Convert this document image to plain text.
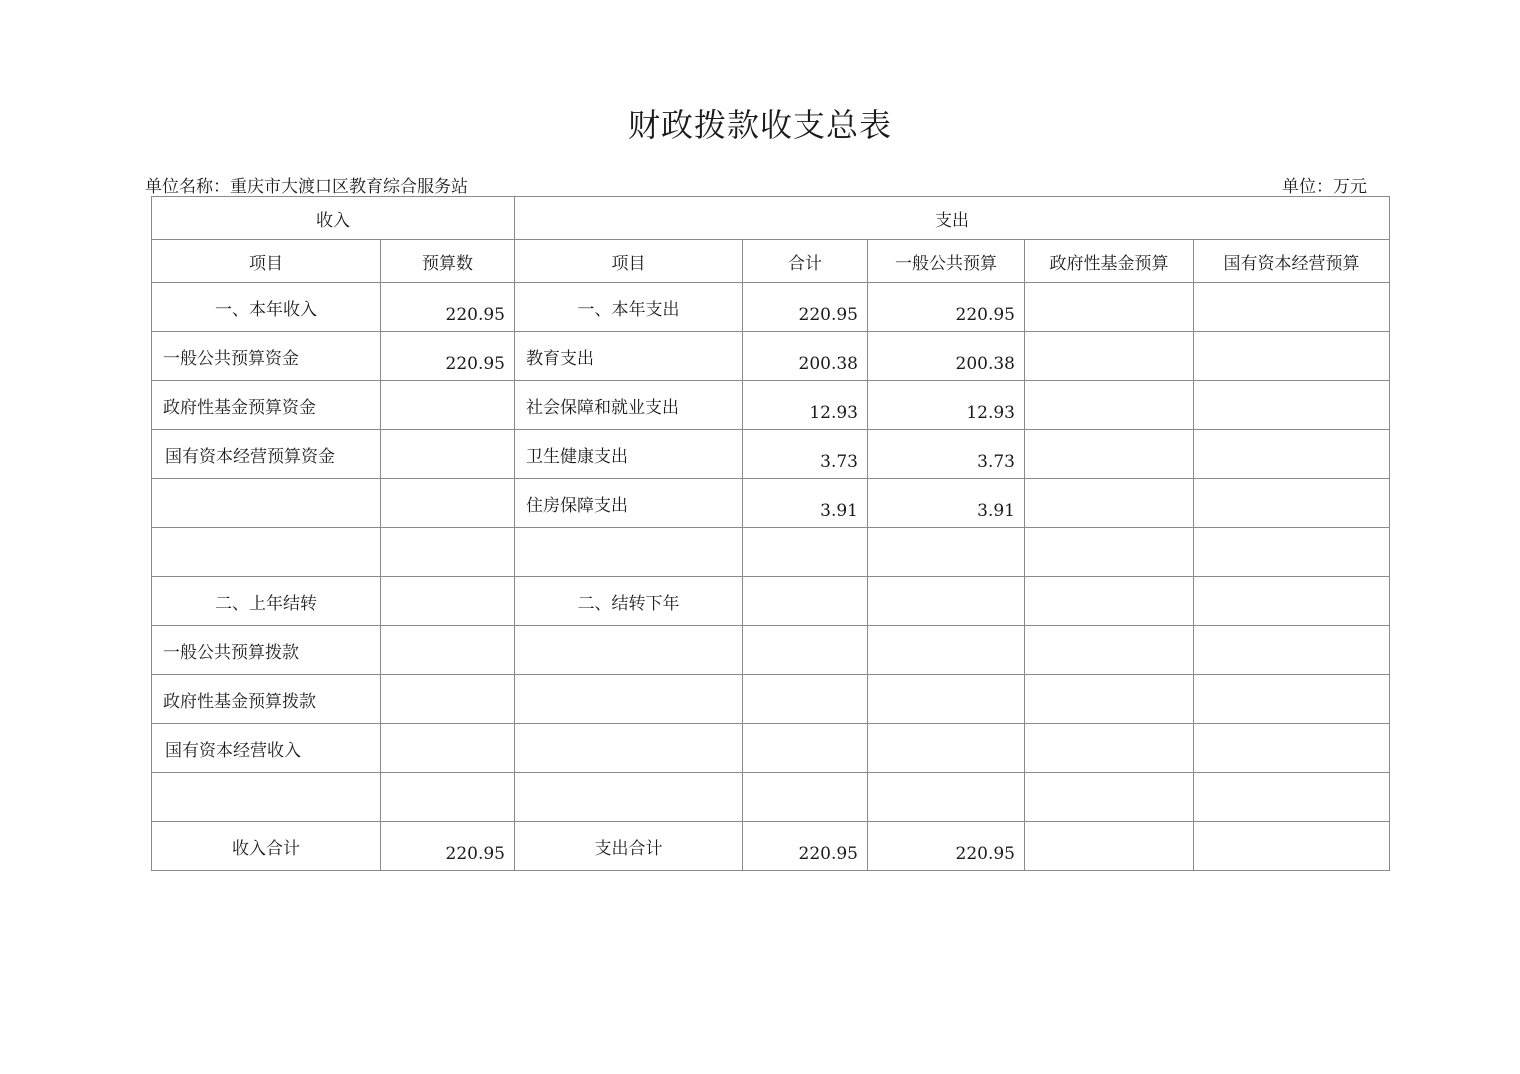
财政拨款收支总表
单位名称：重庆市大渡口区教育综合服务站	单位：万元
收入		支出				
项目	预算数	项目	合计	一般公共预算	政府性基金预算	国有资本经营预算
一、本年收入	220.95	一、本年支出	220.95	220.95		
一般公共预算资金	220.95	教育支出	200.38	200.38		
政府性基金预算资金		社会保障和就业支出	12.93	12.93		
国有资本经营预算资金		卫生健康支出	3.73	3.73		
		住房保障支出	3.91	3.91		

二、上年结转		二、结转下年				
一般公共预算拨款						
政府性基金预算拨款						
国有资本经营收入						

收入合计	220.95	支出合计	220.95	220.95		
